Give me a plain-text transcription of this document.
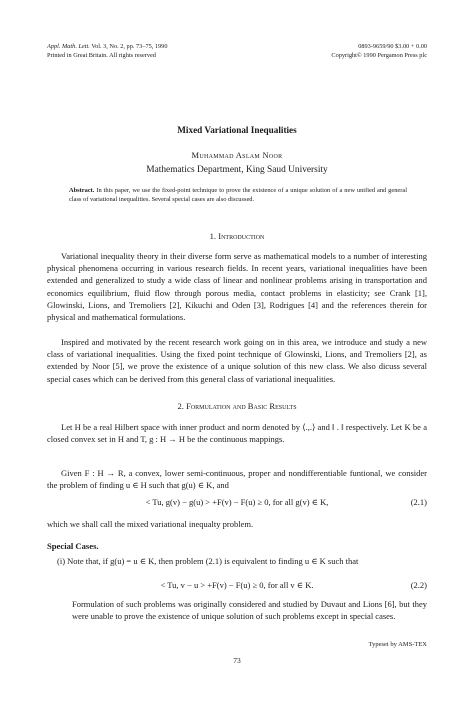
Appl. Math. Lett. Vol. 3, No. 2, pp. 73–75, 1990
Printed in Great Britain. All rights reserved
0893-9659/90 $3.00 + 0.00
Copyright© 1990 Pergamon Press plc
Mixed Variational Inequalities
Muhammad Aslam Noor
Mathematics Department, King Saud University
Abstract. In this paper, we use the fixed-point technique to prove the existence of a unique solution of a new unified and general class of variational inequalities. Several special cases are also discussed.
1. Introduction
Variational inequality theory in their diverse form serve as mathematical models to a number of interesting physical phenomena occurring in various research fields. In recent years, variational inequalities have been extended and generalized to study a wide class of linear and nonlinear problems arising in transportation and economics equilibrium, fluid flow through porous media, contact problems in elasticity; see Crank [1], Glowinski, Lions, and Tremoliers [2], Kikuchi and Oden [3], Rodrigues [4] and the references therein for physical and mathematical formulations.
Inspired and motivated by the recent research work going on in this area, we introduce and study a new class of variational inequalities. Using the fixed point technique of Glowinski, Lions, and Tremoliers [2], as extended by Noor [5], we prove the existence of a unique solution of this new class. We also dicuss several special cases which can be derived from this general class of variational inequalities.
2. Formulation and Basic Results
Let H be a real Hilbert space with inner product and norm denoted by ⟨.,.⟩ and ‖ . ‖ respectively. Let K be a closed convex set in H and T, g : H → H be the continuous mappings.
Given F : H → R, a convex, lower semi-continuous, proper and nondifferentiable funtional, we consider the problem of finding u ∈ H such that g(u) ∈ K, and
< Tu, g(v) − g(u) > +F(v) − F(u) ≥ 0, for all g(v) ∈ K,	(2.1)
which we shall call the mixed variational inequalty problem.
Special Cases.
(i) Note that, if g(u) = u ∈ K, then problem (2.1) is equivalent to finding u ∈ K such that
< Tu, v − u > +F(v) − F(u) ≥ 0, for all v ∈ K.	(2.2)
Formulation of such problems was originally considered and studied by Duvaut and Lions [6], but they were unable to prove the existence of unique solution of such problems except in special cases.
Typeset by AMS-TEX
73
